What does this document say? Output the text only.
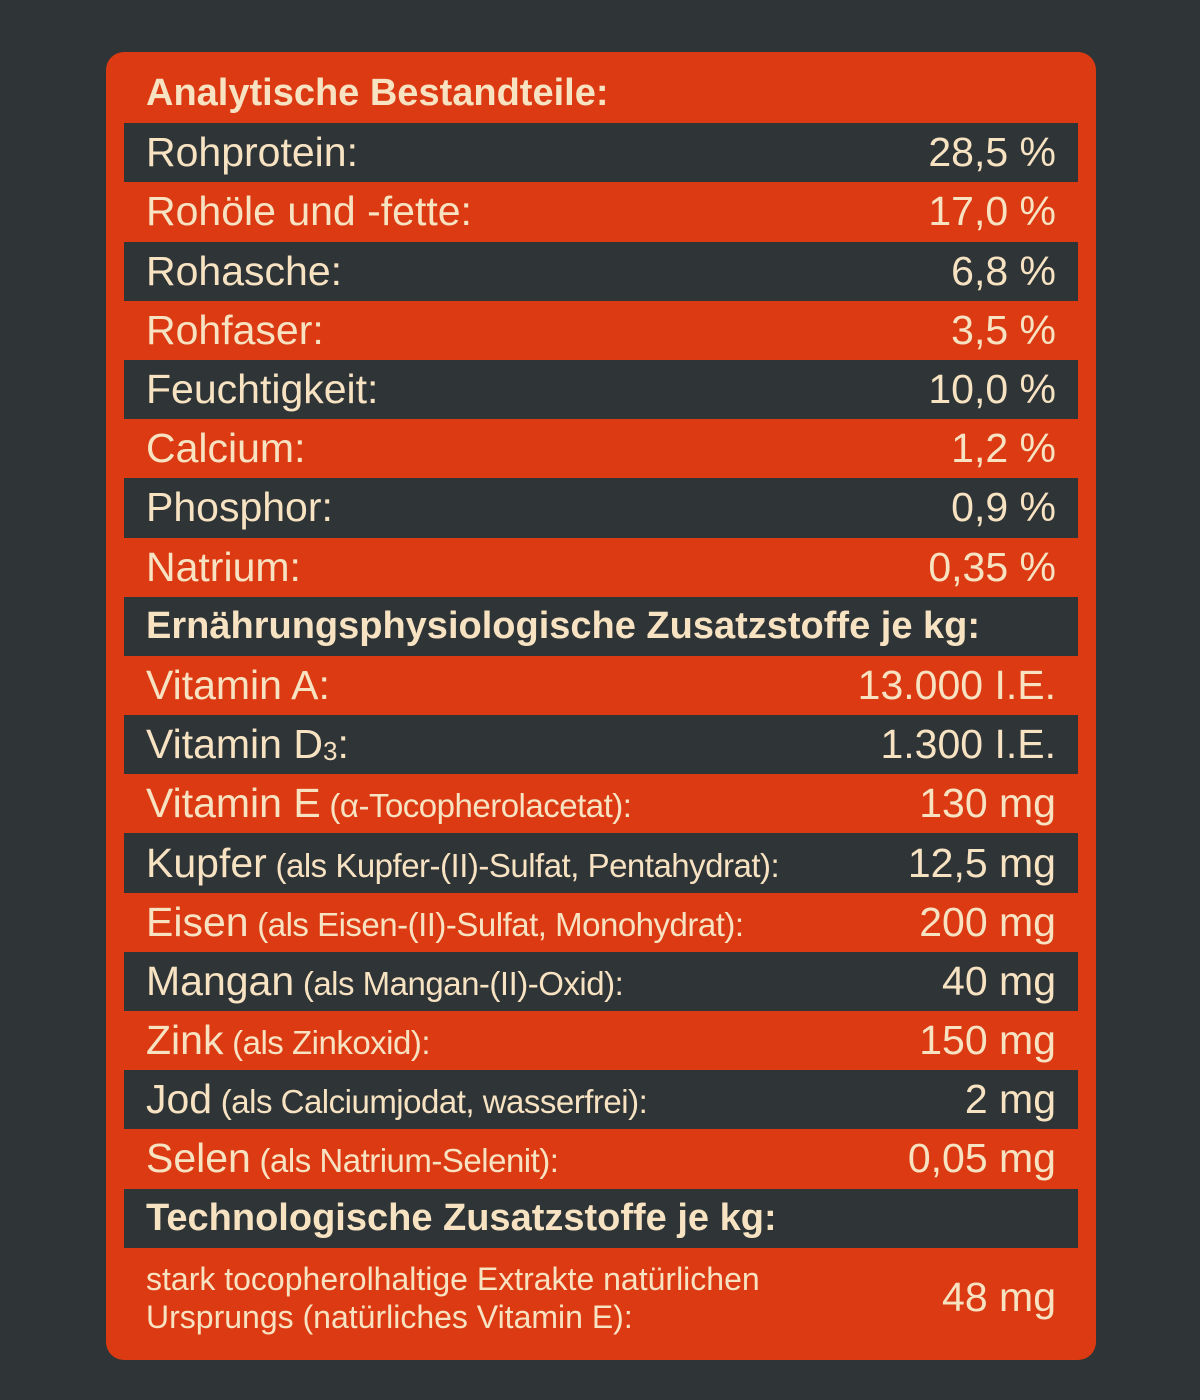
Analytische Bestandteile:
Rohprotein:	28,5 %
Rohöle und -fette:	17,0 %
Rohasche:	6,8 %
Rohfaser:	3,5 %
Feuchtigkeit:	10,0 %
Calcium:	1,2 %
Phosphor:	0,9 %
Natrium:	0,35 %
Ernährungsphysiologische Zusatzstoffe je kg:
Vitamin A:	13.000 I.E.
Vitamin D3:	1.300 I.E.
Vitamin E (α-Tocopherolacetat):	130 mg
Kupfer (als Kupfer-(II)-Sulfat, Pentahydrat):	12,5 mg
Eisen (als Eisen-(II)-Sulfat, Monohydrat):	200 mg
Mangan (als Mangan-(II)-Oxid):	40 mg
Zink (als Zinkoxid):	150 mg
Jod (als Calciumjodat, wasserfrei):	2 mg
Selen (als Natrium-Selenit):	0,05 mg
Technologische Zusatzstoffe je kg:
stark tocopherolhaltige Extrakte natürlichen
Ursprungs (natürliches Vitamin E):	48 mg
